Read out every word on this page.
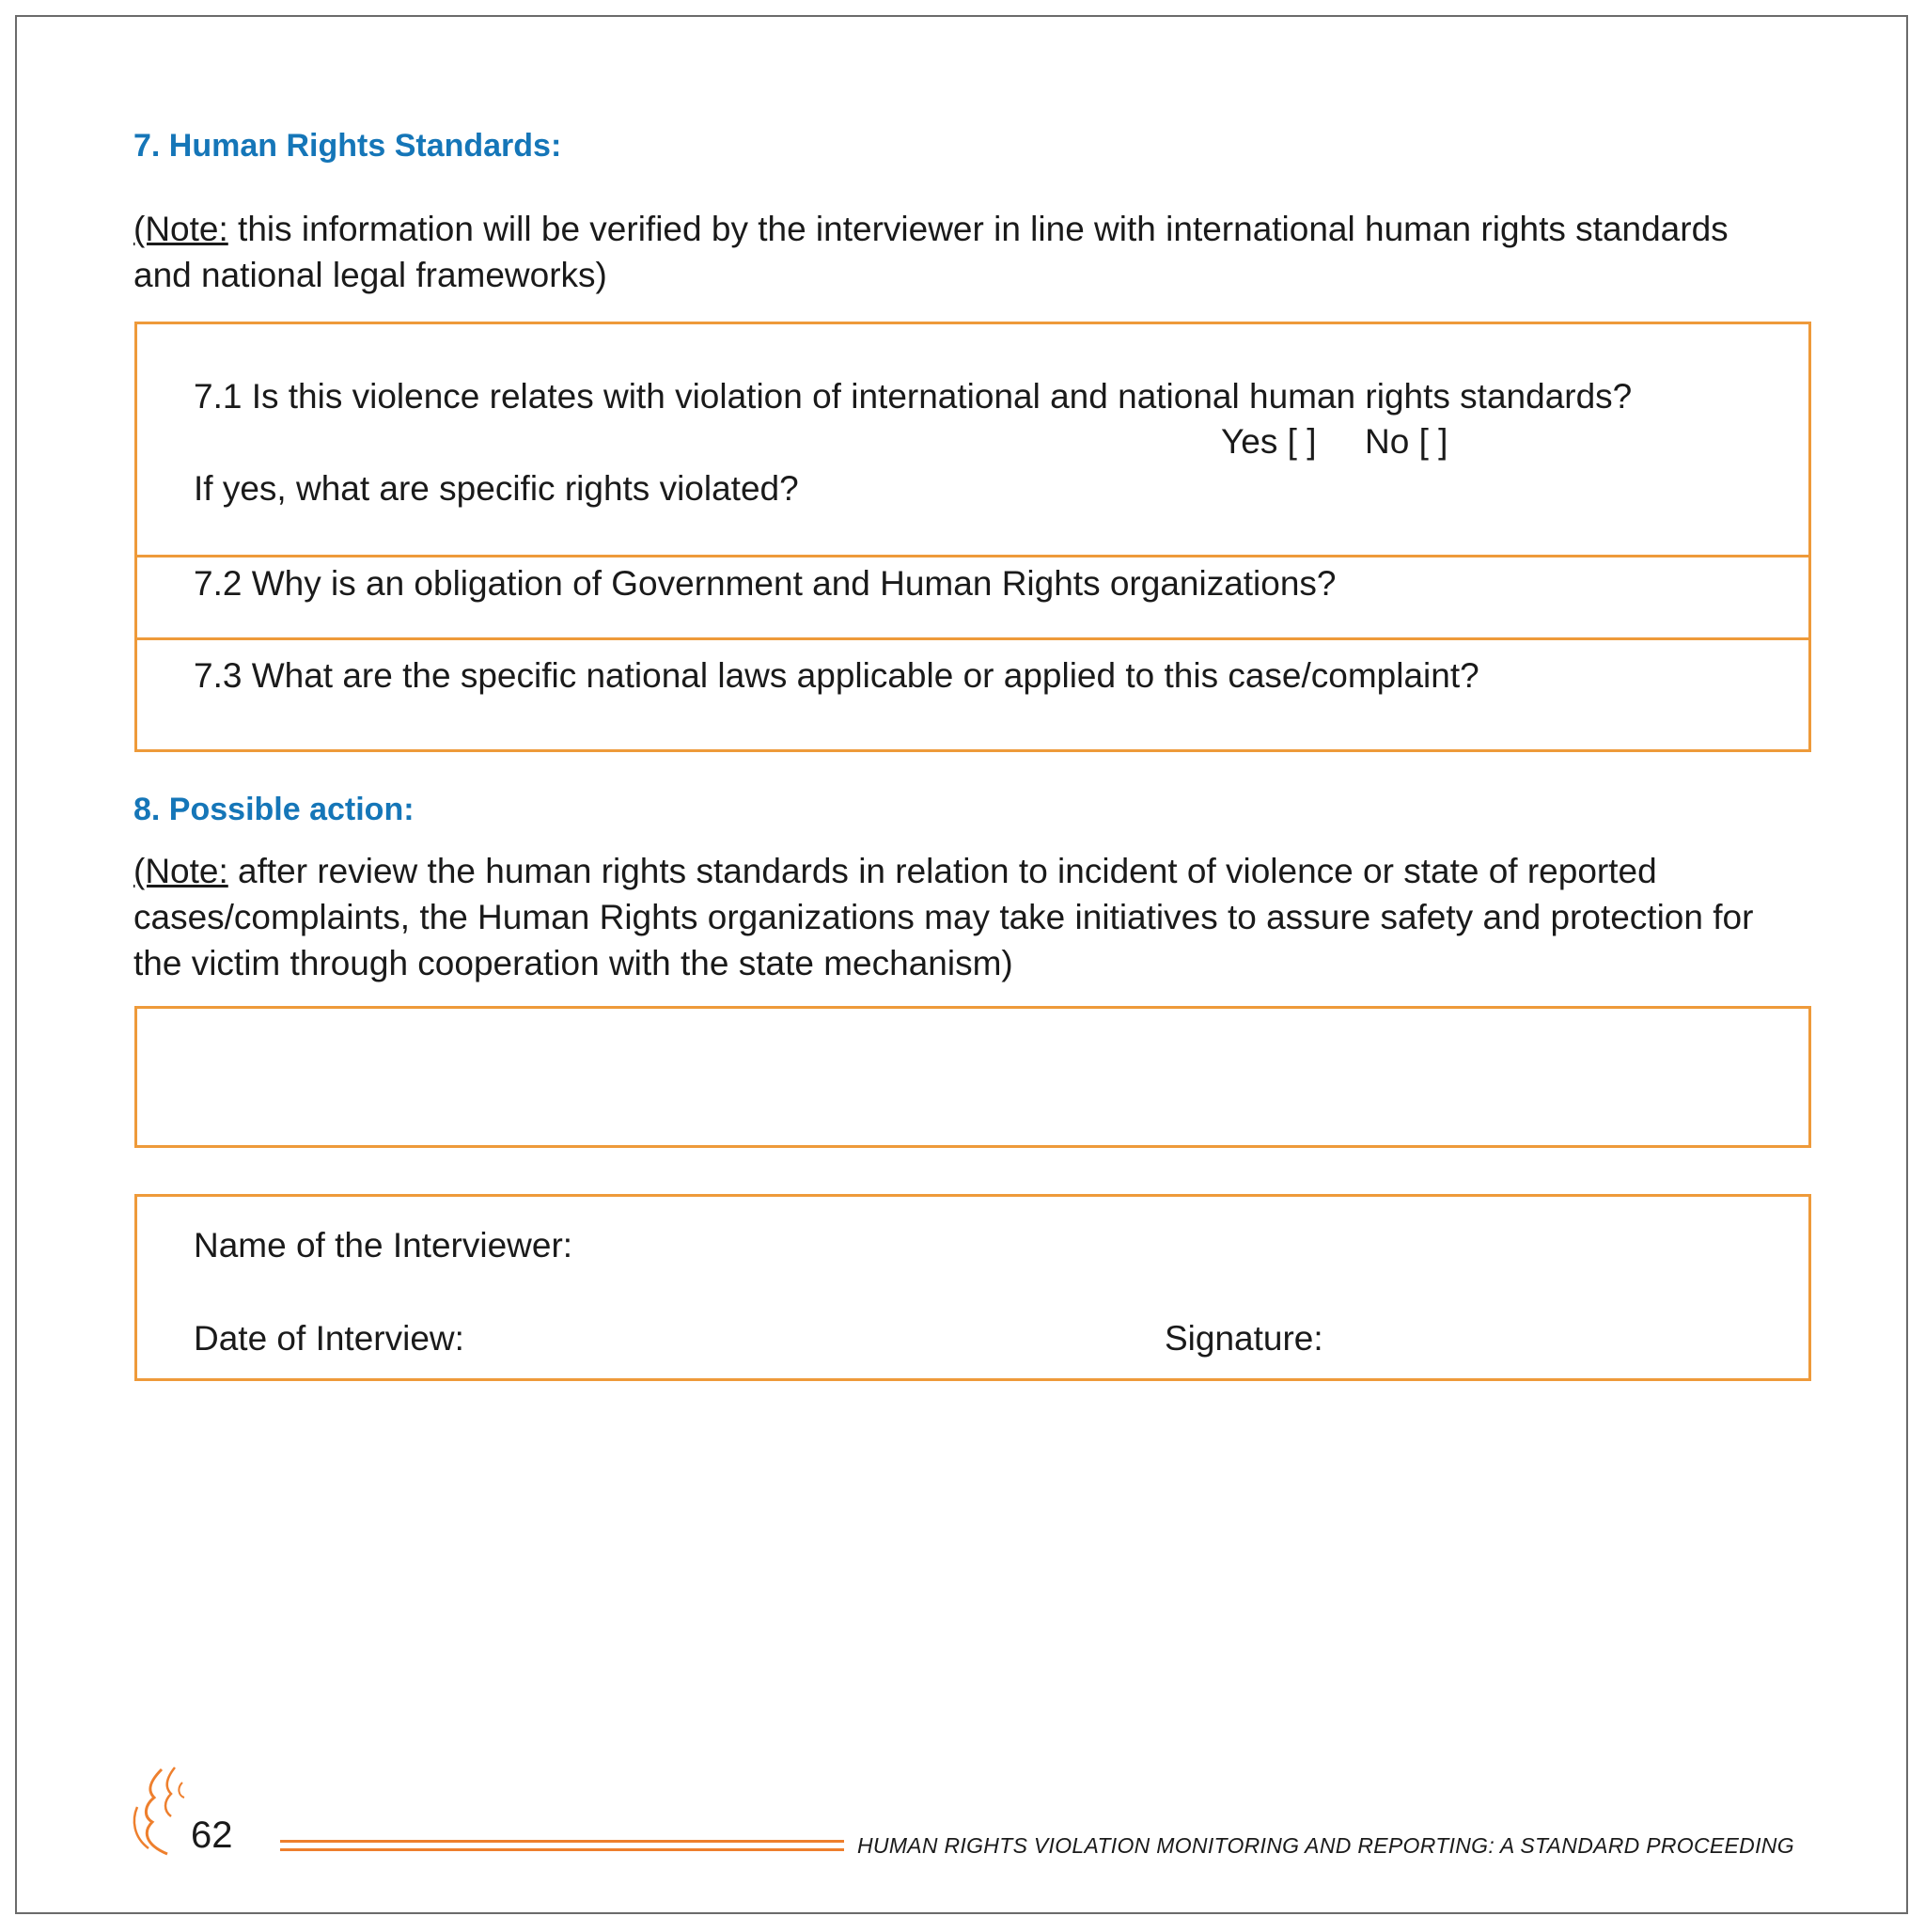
7. Human Rights Standards:
(Note: this information will be verified by the interviewer in line with international human rights standards and national legal frameworks)
7.1 Is this violence relates with violation of international and national human rights standards?
Yes [ ] No [ ]
If yes, what are specific rights violated?
7.2 Why is an obligation of Government and Human Rights organizations?
7.3 What are the specific national laws applicable or applied to this case/complaint?
8. Possible action:
(Note: after review the human rights standards in relation to incident of violence or state of reported cases/complaints, the Human Rights organizations may take initiatives to assure safety and protection for the victim through cooperation with the state mechanism)
Name of the Interviewer:
Date of Interview:	Signature:
62	HUMAN RIGHTS VIOLATION MONITORING AND REPORTING: A STANDARD PROCEEDING
